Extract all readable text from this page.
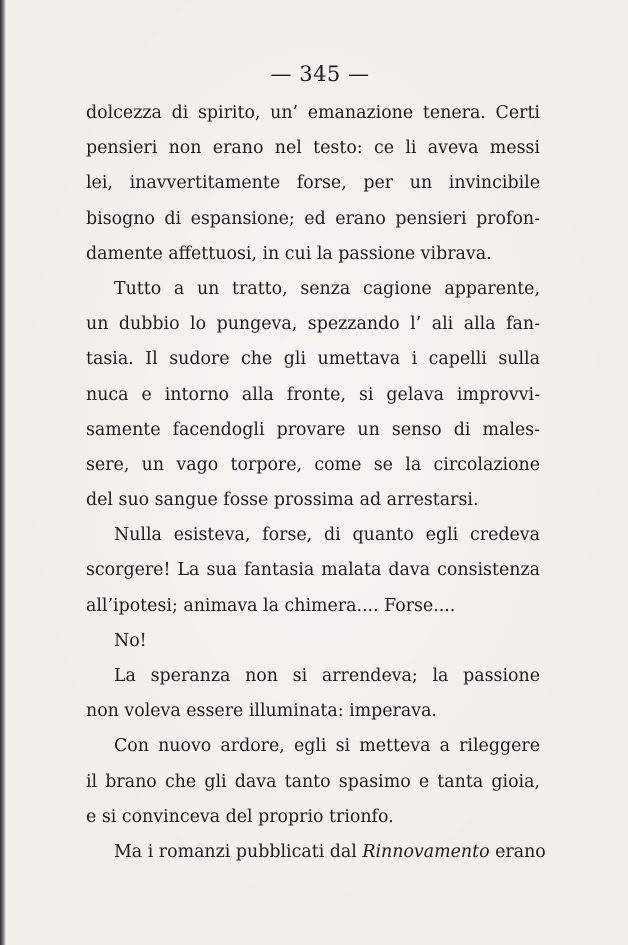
— 345 —
dolcezza di spirito, un’ emanazione tenera. Certi
pensieri non erano nel testo: ce li aveva messi
lei, inavvertitamente forse, per un invincibile
bisogno di espansione; ed erano pensieri profon-
damente affettuosi, in cui la passione vibrava.
Tutto a un tratto, senza cagione apparente,
un dubbio lo pungeva, spezzando l’ ali alla fan-
tasia. Il sudore che gli umettava i capelli sulla
nuca e intorno alla fronte, si gelava improvvi-
samente facendogli provare un senso di males-
sere, un vago torpore, come se la circolazione
del suo sangue fosse prossima ad arrestarsi.
Nulla esisteva, forse, di quanto egli credeva
scorgere! La sua fantasia malata dava consistenza
all’ipotesi; animava la chimera.... Forse....
No!
La speranza non si arrendeva; la passione
non voleva essere illuminata: imperava.
Con nuovo ardore, egli si metteva a rileggere
il brano che gli dava tanto spasimo e tanta gioia,
e si convinceva del proprio trionfo.
Ma i romanzi pubblicati dal Rinnovamento erano
